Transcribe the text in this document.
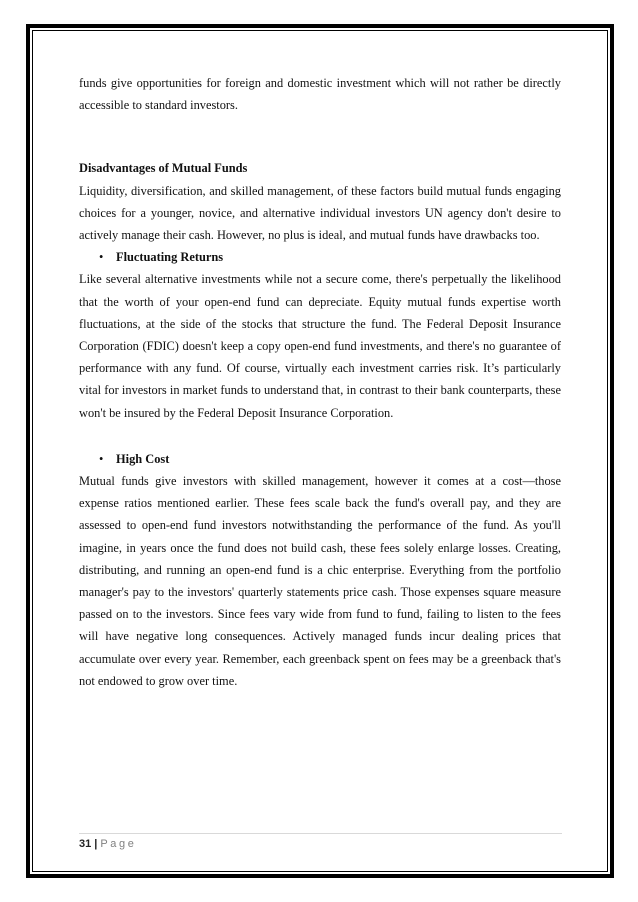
funds give opportunities for foreign and domestic investment which will not rather be directly accessible to standard investors.

Disadvantages of Mutual Funds

Liquidity, diversification, and skilled management, of these factors build mutual funds engaging choices for a younger, novice, and alternative individual investors UN agency don't desire to actively manage their cash. However, no plus is ideal, and mutual funds have drawbacks too.

• Fluctuating Returns

Like several alternative investments while not a secure come, there's perpetually the likelihood that the worth of your open-end fund can depreciate. Equity mutual funds expertise worth fluctuations, at the side of the stocks that structure the fund. The Federal Deposit Insurance Corporation (FDIC) doesn't keep a copy open-end fund investments, and there's no guarantee of performance with any fund. Of course, virtually each investment carries risk. It’s particularly vital for investors in market funds to understand that, in contrast to their bank counterparts, these won't be insured by the Federal Deposit Insurance Corporation.

• High Cost

Mutual funds give investors with skilled management, however it comes at a cost—those expense ratios mentioned earlier. These fees scale back the fund's overall pay, and they are assessed to open-end fund investors notwithstanding the performance of the fund. As you'll imagine, in years once the fund does not build cash, these fees solely enlarge losses. Creating, distributing, and running an open-end fund is a chic enterprise. Everything from the portfolio manager's pay to the investors' quarterly statements price cash. Those expenses square measure passed on to the investors. Since fees vary wide from fund to fund, failing to listen to the fees will have negative long consequences. Actively managed funds incur dealing prices that accumulate over every year. Remember, each greenback spent on fees may be a greenback that's not endowed to grow over time.

31 | Page
